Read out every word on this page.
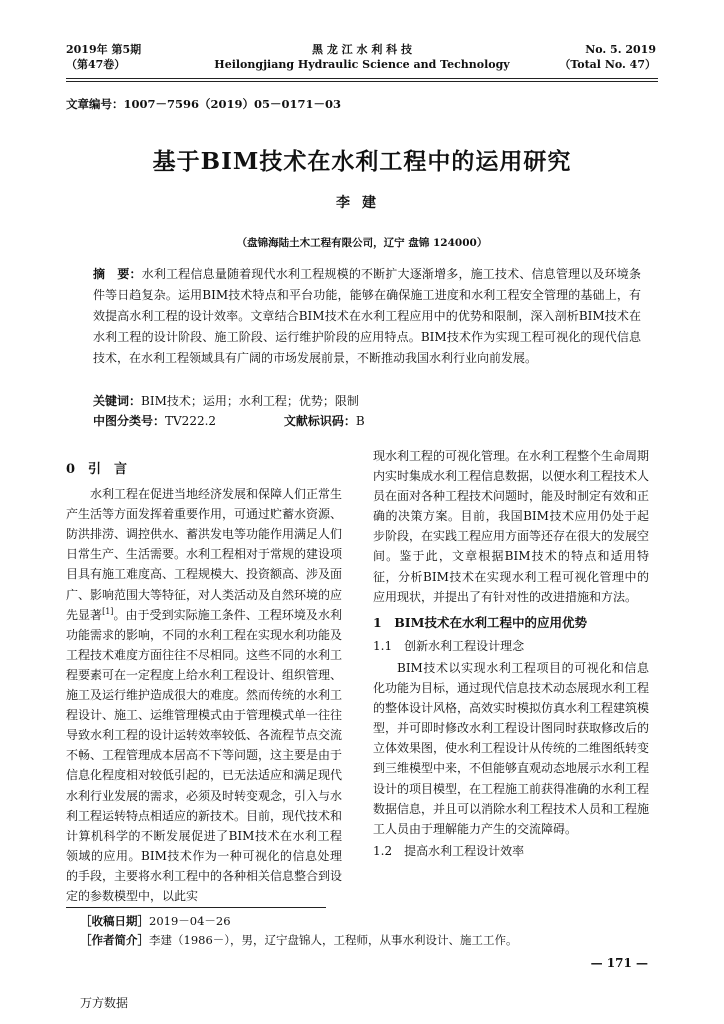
2019年 第5期
（第47卷）
黑 龙 江 水 利 科 技
Heilongjiang Hydraulic Science and Technology
No. 5. 2019
（Total No. 47）
文章编号：1007－7596（2019）05－0171－03
基于BIM技术在水利工程中的运用研究
李建
（盘锦海陆土木工程有限公司，辽宁 盘锦 124000）
摘　要：水利工程信息量随着现代水利工程规模的不断扩大逐渐增多，施工技术、信息管理以及环境条件等日趋复杂。运用BIM技术特点和平台功能，能够在确保施工进度和水利工程安全管理的基础上，有效提高水利工程的设计效率。文章结合BIM技术在水利工程应用中的优势和限制，深入剖析BIM技术在水利工程的设计阶段、施工阶段、运行维护阶段的应用特点。BIM技术作为实现工程可视化的现代信息技术，在水利工程领域具有广阔的市场发展前景，不断推动我国水利行业向前发展。
关键词：BIM技术；运用；水利工程；优势；限制
中图分类号：TV222.2	文献标识码：B
0　引　言

水利工程在促进当地经济发展和保障人们正常生产生活等方面发挥着重要作用，可通过贮蓄水资源、防洪排涝、调控供水、蓄洪发电等功能作用满足人们日常生产、生活需要。水利工程相对于常规的建设项目具有施工难度高、工程规模大、投资额高、涉及面广、影响范围大等特征，对人类活动及自然环境的应先显著[1]。由于受到实际施工条件、工程环境及水利功能需求的影响，不同的水利工程在实现水利功能及工程技术难度方面往往不尽相同。这些不同的水利工程要素可在一定程度上给水利工程设计、组织管理、施工及运行维护造成很大的难度。然而传统的水利工程设计、施工、运维管理模式由于管理模式单一往往导致水利工程的设计运转效率较低、各流程节点交流不畅、工程管理成本居高不下等问题，这主要是由于信息化程度相对较低引起的，已无法适应和满足现代水利行业发展的需求，必须及时转变观念，引入与水利工程运转特点相适应的新技术。目前，现代技术和计算机科学的不断发展促进了BIM技术在水利工程领域的应用。BIM技术作为一种可视化的信息处理的手段，主要将水利工程中的各种相关信息整合到设定的参数模型中，以此实

现水利工程的可视化管理。在水利工程整个生命周期内实时集成水利工程信息数据，以便水利工程技术人员在面对各种工程技术问题时，能及时制定有效和正确的决策方案。目前，我国BIM技术应用仍处于起步阶段，在实践工程应用方面等还存在很大的发展空间。鉴于此，文章根据BIM技术的特点和适用特征，分析BIM技术在实现水利工程可视化管理中的应用现状，并提出了有针对性的改进措施和方法。

1　BIM技术在水利工程中的应用优势
1.1　创新水利工程设计理念

BIM技术以实现水利工程项目的可视化和信息化功能为目标，通过现代信息技术动态展现水利工程的整体设计风格，高效实时模拟仿真水利工程建筑模型，并可即时修改水利工程设计图同时获取修改后的立体效果图，使水利工程设计从传统的二维图纸转变到三维模型中来，不但能够直观动态地展示水利工程设计的项目模型，在工程施工前获得准确的水利工程数据信息，并且可以消除水利工程技术人员和工程施工人员由于理解能力产生的交流障碍。

1.2　提高水利工程设计效率
［收稿日期］2019－04－26
［作者简介］李建（1986－），男，辽宁盘锦人，工程师，从事水利设计、施工工作。
— 171 —
万方数据
